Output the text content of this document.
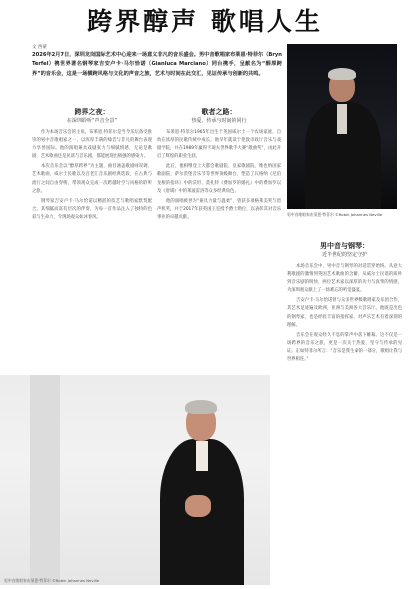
跨界醇声 歌唱人生
文 西蒙
2026年2月7日，深圳龙岗国际艺术中心迎来一场意义非凡的音乐盛会。男中音歌唱家布莱恩·特菲尔（Bryn Terfel）携世界著名钢琴家吉安卢卡·马尔恰诺（Gianluca Marciano）同台携手，呈献名为“醇厚跨界”的音乐会，这是一场横跨风格与文化的声音之旅，艺术与时间在此交汇，见证传承与创新的共鸣。
男中音歌唱家布莱恩·特菲尔 ©Robin Johannes Neville
跨界之夜：
在深圳聆听“声音全景”

作为本场音乐会的主角，布莱恩·特菲尔是当今乐坛备受推崇的男中音歌唱家之一，以浑厚丰满的嗓音与非凡的舞台表现力享誉国际。他的演唱兼具戏剧张力与细腻情感，无论是歌剧、艺术歌曲还是民谣与音乐剧，都能展现出极强的感染力。

本次音乐会以“醇厚跨界”为主题，曲目涵盖歌剧咏叹调、艺术歌曲、威尔士民歌以及百老汇音乐剧经典选段，在古典与流行之间自由穿梭，带领观众完成一次跨越时空与风格的聆听之旅。

钢琴家吉安卢卡·马尔恰诺以精湛的技艺与歌唱家默契配合，其细腻而富有层次的伴奏，为每一首作品注入了独特的色彩与生命力，令现场观众如沐春风。

歌者之路：
热爱、传承与时间的同行

布莱恩·特菲尔1965年出生于英国威尔士一个农场家庭，自幼在浓厚的民歌传统中成长。他早年就读于伦敦市政厅音乐与戏剧学院，并在1989年赢得卡迪夫世界歌手大赛“歌曲奖”，由此开启了辉煌的职业生涯。

此后，他相继登上大都会歌剧院、皇家歌剧院、维也纳国家歌剧院、萨尔茨堡音乐节等世界顶级舞台，塑造了瓦格纳《尼伯龙根的指环》中的沃坦、莫扎特《费加罗的婚礼》中的费加罗以及《唐璜》中的莱波雷洛等众多经典角色。

他的演唱被誉为“兼具力量与温柔”，曾获多项格莱美奖与留声机奖，并于2017年获英国王室授予爵士勋位，以表彰其对音乐事业的卓越贡献。

男中音与钢琴：
近半世纪的坚定守护

本场音乐会中，男中音与钢琴的对话贯穿始终。从意大利歌剧的激情到英国艺术歌曲的含蓄，从威尔士民谣的质朴到音乐剧的明快，两位艺术家以深厚的功力与真挚的情感，为深圳观众献上了一场难忘的听觉盛宴。

吉安卢卡·马尔恰诺曾与众多世界级歌唱家及乐团合作，其艺术足迹遍及欧洲、亚洲与美洲各大音乐厅。他既是出色的钢琴家，也是经验丰富的指挥家，对声乐艺术有着深刻的理解。

音乐会在观众经久不息的掌声中落下帷幕。这不仅是一场跨界的音乐之旅，更是一次关于热爱、坚守与传承的见证。正如特菲尔所言：“音乐是我生命的一部分，歌唱让我与世界相连。”

男中音歌唱家布莱恩·特菲尔 ©Robin Johannes Neville
